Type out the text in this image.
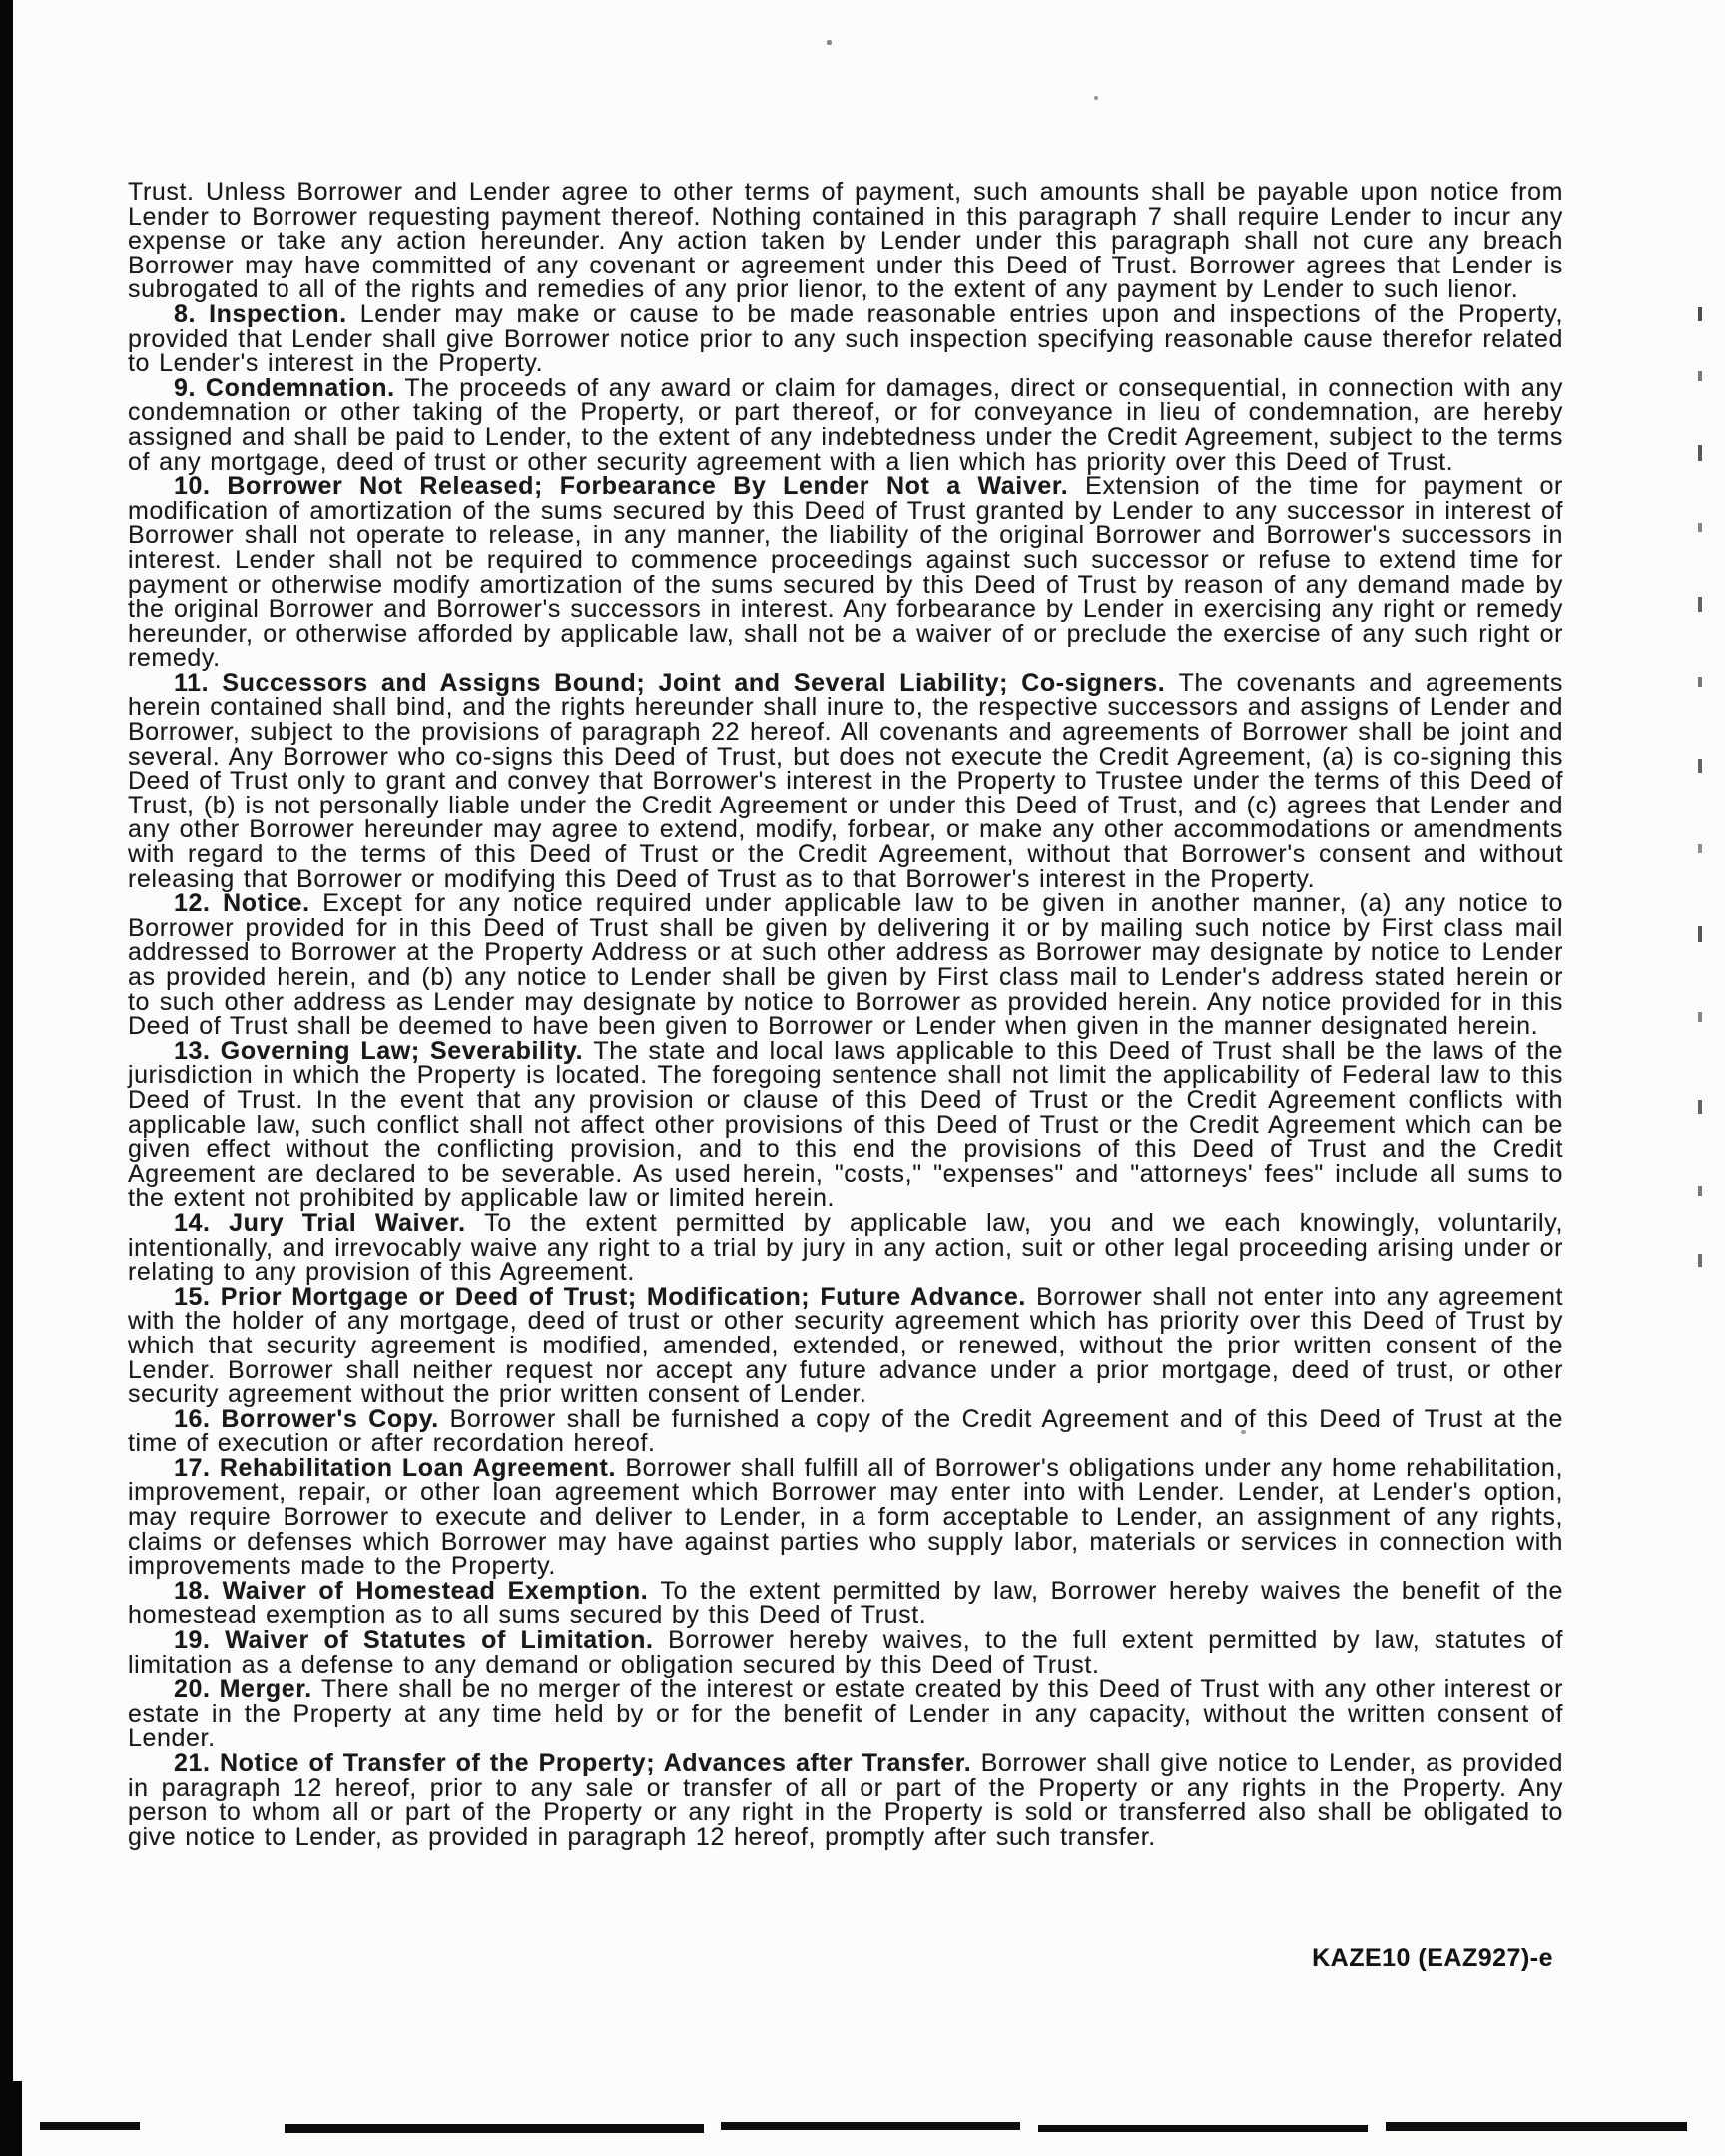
Trust. Unless Borrower and Lender agree to other terms of payment, such amounts shall be payable upon notice from Lender to Borrower requesting payment thereof. Nothing contained in this paragraph 7 shall require Lender to incur any expense or take any action hereunder. Any action taken by Lender under this paragraph shall not cure any breach Borrower may have committed of any covenant or agreement under this Deed of Trust. Borrower agrees that Lender is subrogated to all of the rights and remedies of any prior lienor, to the extent of any payment by Lender to such lienor.

8. Inspection. Lender may make or cause to be made reasonable entries upon and inspections of the Property, provided that Lender shall give Borrower notice prior to any such inspection specifying reasonable cause therefor related to Lender's interest in the Property.

9. Condemnation. The proceeds of any award or claim for damages, direct or consequential, in connection with any condemnation or other taking of the Property, or part thereof, or for conveyance in lieu of condemnation, are hereby assigned and shall be paid to Lender, to the extent of any indebtedness under the Credit Agreement, subject to the terms of any mortgage, deed of trust or other security agreement with a lien which has priority over this Deed of Trust.

10. Borrower Not Released; Forbearance By Lender Not a Waiver. Extension of the time for payment or modification of amortization of the sums secured by this Deed of Trust granted by Lender to any successor in interest of Borrower shall not operate to release, in any manner, the liability of the original Borrower and Borrower's successors in interest. Lender shall not be required to commence proceedings against such successor or refuse to extend time for payment or otherwise modify amortization of the sums secured by this Deed of Trust by reason of any demand made by the original Borrower and Borrower's successors in interest. Any forbearance by Lender in exercising any right or remedy hereunder, or otherwise afforded by applicable law, shall not be a waiver of or preclude the exercise of any such right or remedy.

11. Successors and Assigns Bound; Joint and Several Liability; Co-signers. The covenants and agreements herein contained shall bind, and the rights hereunder shall inure to, the respective successors and assigns of Lender and Borrower, subject to the provisions of paragraph 22 hereof. All covenants and agreements of Borrower shall be joint and several. Any Borrower who co-signs this Deed of Trust, but does not execute the Credit Agreement, (a) is co-signing this Deed of Trust only to grant and convey that Borrower's interest in the Property to Trustee under the terms of this Deed of Trust, (b) is not personally liable under the Credit Agreement or under this Deed of Trust, and (c) agrees that Lender and any other Borrower hereunder may agree to extend, modify, forbear, or make any other accommodations or amendments with regard to the terms of this Deed of Trust or the Credit Agreement, without that Borrower's consent and without releasing that Borrower or modifying this Deed of Trust as to that Borrower's interest in the Property.

12. Notice. Except for any notice required under applicable law to be given in another manner, (a) any notice to Borrower provided for in this Deed of Trust shall be given by delivering it or by mailing such notice by First class mail addressed to Borrower at the Property Address or at such other address as Borrower may designate by notice to Lender as provided herein, and (b) any notice to Lender shall be given by First class mail to Lender's address stated herein or to such other address as Lender may designate by notice to Borrower as provided herein. Any notice provided for in this Deed of Trust shall be deemed to have been given to Borrower or Lender when given in the manner designated herein.

13. Governing Law; Severability. The state and local laws applicable to this Deed of Trust shall be the laws of the jurisdiction in which the Property is located. The foregoing sentence shall not limit the applicability of Federal law to this Deed of Trust. In the event that any provision or clause of this Deed of Trust or the Credit Agreement conflicts with applicable law, such conflict shall not affect other provisions of this Deed of Trust or the Credit Agreement which can be given effect without the conflicting provision, and to this end the provisions of this Deed of Trust and the Credit Agreement are declared to be severable. As used herein, "costs," "expenses" and "attorneys' fees" include all sums to the extent not prohibited by applicable law or limited herein.

14. Jury Trial Waiver. To the extent permitted by applicable law, you and we each knowingly, voluntarily, intentionally, and irrevocably waive any right to a trial by jury in any action, suit or other legal proceeding arising under or relating to any provision of this Agreement.

15. Prior Mortgage or Deed of Trust; Modification; Future Advance. Borrower shall not enter into any agreement with the holder of any mortgage, deed of trust or other security agreement which has priority over this Deed of Trust by which that security agreement is modified, amended, extended, or renewed, without the prior written consent of the Lender. Borrower shall neither request nor accept any future advance under a prior mortgage, deed of trust, or other security agreement without the prior written consent of Lender.

16. Borrower's Copy. Borrower shall be furnished a copy of the Credit Agreement and of this Deed of Trust at the time of execution or after recordation hereof.

17. Rehabilitation Loan Agreement. Borrower shall fulfill all of Borrower's obligations under any home rehabilitation, improvement, repair, or other loan agreement which Borrower may enter into with Lender. Lender, at Lender's option, may require Borrower to execute and deliver to Lender, in a form acceptable to Lender, an assignment of any rights, claims or defenses which Borrower may have against parties who supply labor, materials or services in connection with improvements made to the Property.

18. Waiver of Homestead Exemption. To the extent permitted by law, Borrower hereby waives the benefit of the homestead exemption as to all sums secured by this Deed of Trust.

19. Waiver of Statutes of Limitation. Borrower hereby waives, to the full extent permitted by law, statutes of limitation as a defense to any demand or obligation secured by this Deed of Trust.

20. Merger. There shall be no merger of the interest or estate created by this Deed of Trust with any other interest or estate in the Property at any time held by or for the benefit of Lender in any capacity, without the written consent of Lender.

21. Notice of Transfer of the Property; Advances after Transfer. Borrower shall give notice to Lender, as provided in paragraph 12 hereof, prior to any sale or transfer of all or part of the Property or any rights in the Property. Any person to whom all or part of the Property or any right in the Property is sold or transferred also shall be obligated to give notice to Lender, as provided in paragraph 12 hereof, promptly after such transfer.

KAZE10 (EAZ927)-e
